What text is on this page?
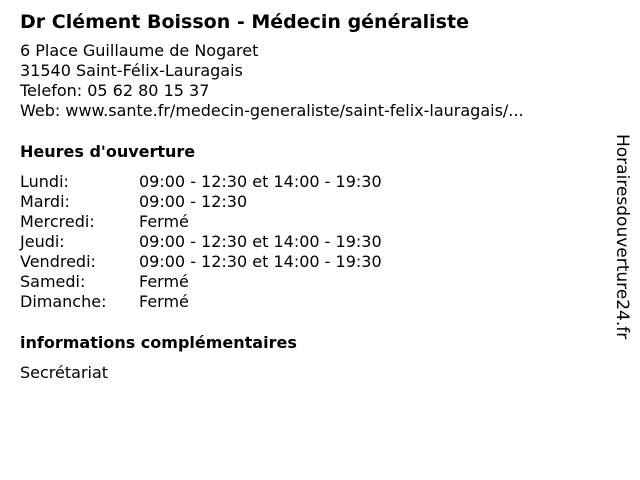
Dr Clément Boisson - Médecin généraliste
6 Place Guillaume de Nogaret
31540 Saint-Félix-Lauragais
Telefon: 05 62 80 15 37
Web: www.sante.fr/medecin-generaliste/saint-felix-lauragais/...
Heures d'ouverture
Lundi:	09:00 - 12:30 et 14:00 - 19:30
Mardi:	09:00 - 12:30
Mercredi:	Fermé
Jeudi:	09:00 - 12:30 et 14:00 - 19:30
Vendredi:	09:00 - 12:30 et 14:00 - 19:30
Samedi:	Fermé
Dimanche:	Fermé
informations complémentaires
Secrétariat
Horairesdouverture24.fr
